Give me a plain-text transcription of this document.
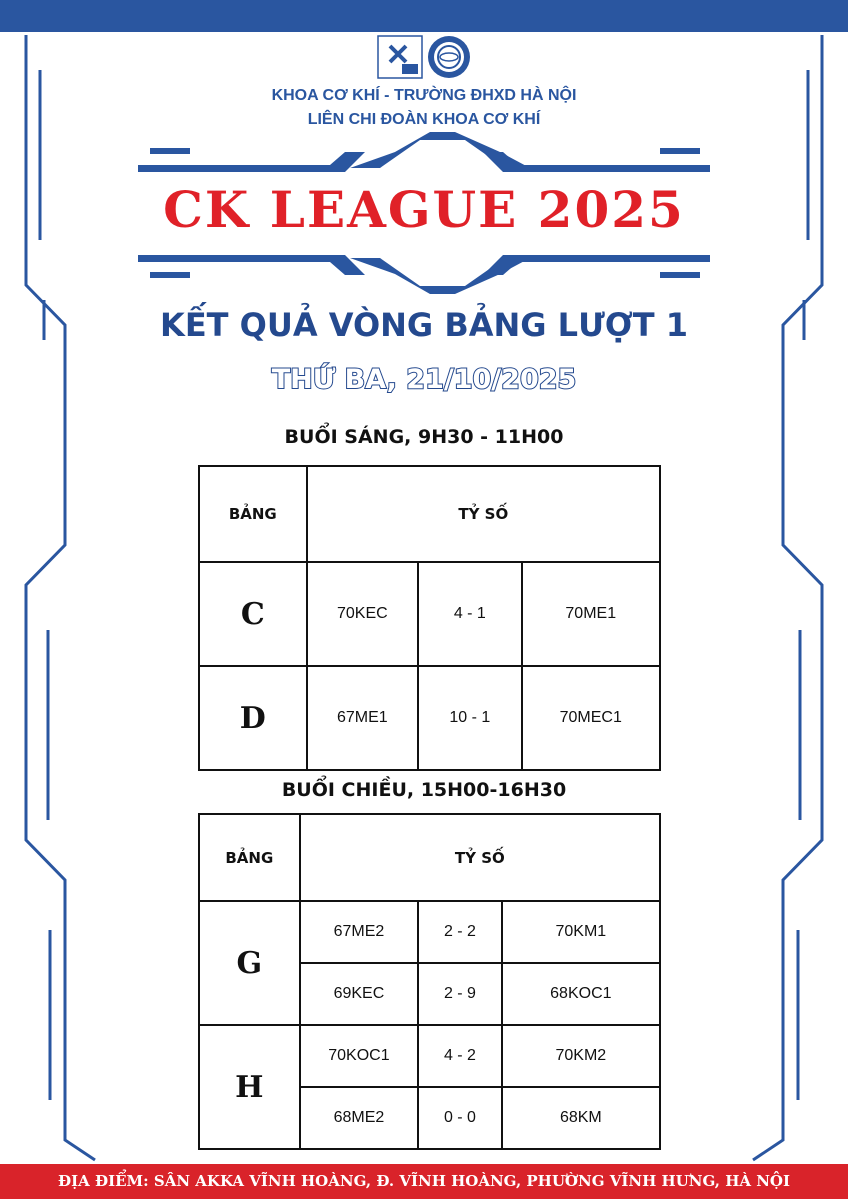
KHOA CƠ KHÍ - TRƯỜNG ĐHXD HÀ NỘI
LIÊN CHI ĐOÀN KHOA CƠ KHÍ
CK LEAGUE 2025
KẾT QUẢ VÒNG BẢNG LƯỢT 1
THỨ BA, 21/10/2025
BUỔI SÁNG, 9H30 - 11H00
BẢNG	TỶ SỐ		
C	70KEC	4 - 1	70ME1
D	67ME1	10 - 1	70MEC1
BUỔI CHIỀU, 15H00-16H30
BẢNG	TỶ SỐ		
G	67ME2	2 - 2	70KM1
	69KEC	2 - 9	68KOC1
H	70KOC1	4 - 2	70KM2
	68ME2	0 - 0	68KM
ĐỊA ĐIỂM: SÂN AKKA VĨNH HOÀNG, Đ. VĨNH HOÀNG, PHƯỜNG VĨNH HƯNG, HÀ NỘI
